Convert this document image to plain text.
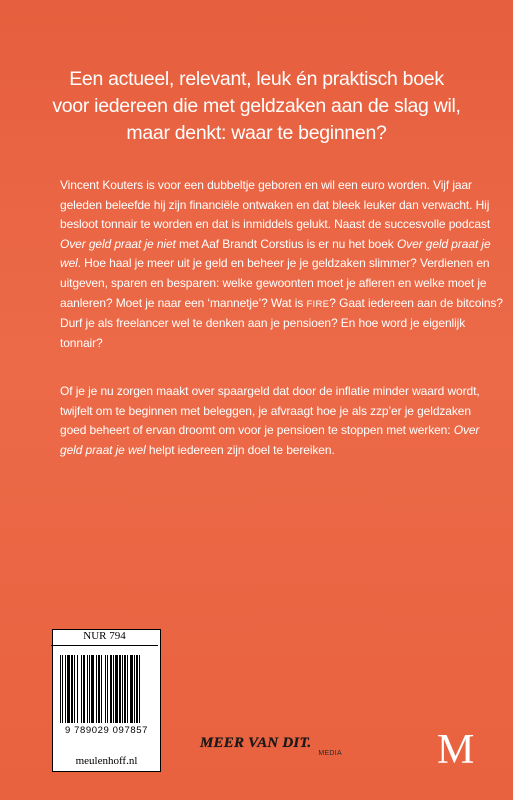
Een actueel, relevant, leuk én praktisch boek
voor iedereen die met geldzaken aan de slag wil,
maar denkt: waar te beginnen?
Vincent Kouters is voor een dubbeltje geboren en wil een euro worden. Vijf jaar
geleden beleefde hij zijn financiële ontwaken en dat bleek leuker dan verwacht. Hij
besloot tonnair te worden en dat is inmiddels gelukt. Naast de succesvolle podcast
Over geld praat je niet met Aaf Brandt Corstius is er nu het boek Over geld praat je
wel. Hoe haal je meer uit je geld en beheer je je geldzaken slimmer? Verdienen en
uitgeven, sparen en besparen: welke gewoonten moet je afleren en welke moet je
aanleren? Moet je naar een ‘mannetje’? Wat is FIRE? Gaat iedereen aan de bitcoins?
Durf je als freelancer wel te denken aan je pensioen? En hoe word je eigenlijk
tonnair?
Of je je nu zorgen maakt over spaargeld dat door de inflatie minder waard wordt,
twijfelt om te beginnen met beleggen, je afvraagt hoe je als zzp’er je geldzaken
goed beheert of ervan droomt om voor je pensioen te stoppen met werken: Over
geld praat je wel helpt iedereen zijn doel te bereiken.
9 789029 097857
NUR 794
meulenhoff.nl
MEER VAN DIT.
MEDIA M
